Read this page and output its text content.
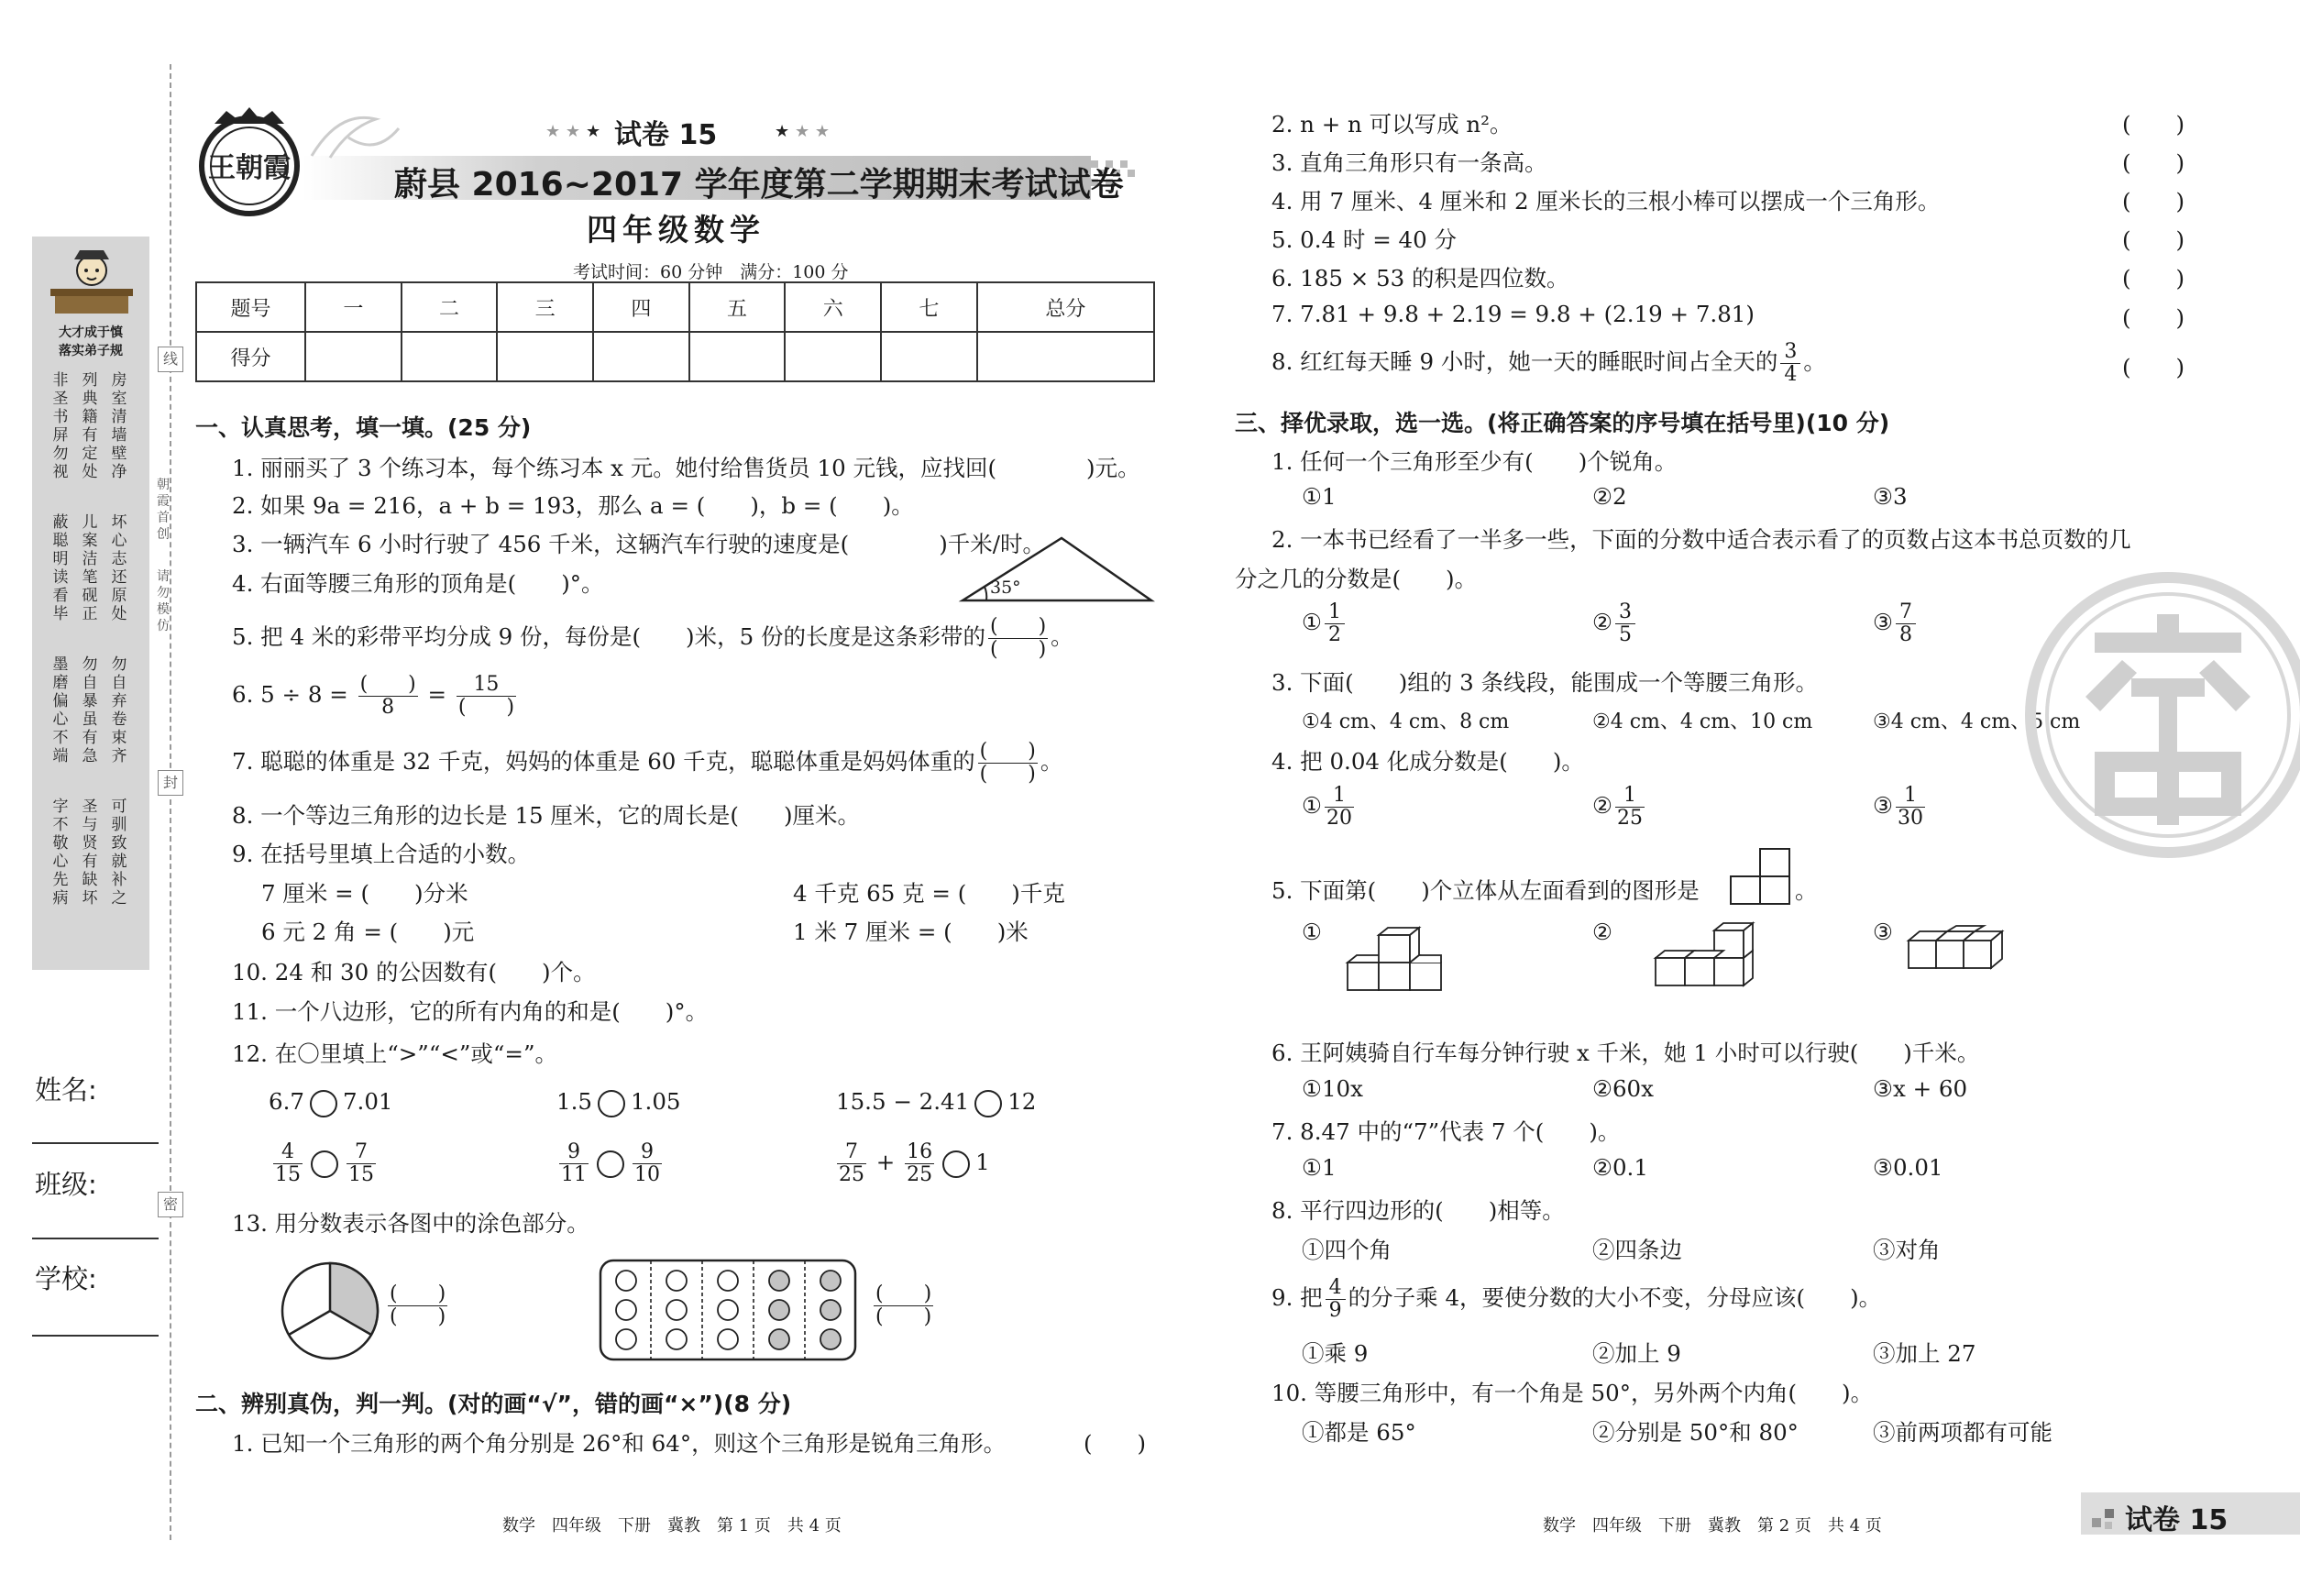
大才成于慎
落实弟子规
非圣书屏勿视
列典籍有定处
房室清墙壁净
蔽聪明读看毕
儿案洁笔砚正
坏心志还原处
墨磨偏心不端
勿自暴虽有急
勿自弃卷束齐
字不敬心先病
圣与贤有缺坏
可驯致就补之
线
封
密
朝霞首创
请勿模仿
姓名:
班级:
学校:
王朝霞
★ ★ ★	★ ★ ★
试卷 15
蔚县 2016~2017 学年度第二学期期末考试试卷
四年级数学
考试时间：60 分钟　满分：100 分
题号	一	二	三	四	五	六	七	总分
得分								
一、认真思考，填一填。(25 分)
1. 丽丽买了 3 个练习本，每个练习本 x 元。她付给售货员 10 元钱，应找回(　　　　)元。
2. 如果 9a = 216，a + b = 193，那么 a = (　　)，b = (　　)。
3. 一辆汽车 6 小时行驶了 456 千米，这辆汽车行驶的速度是(　　　　)千米/时。
35°
4. 右面等腰三角形的顶角是(　　)°。
5. 把 4 米的彩带平均分成 9 份，每份是(　　)米，5 份的长度是这条彩带的 $\frac{( )}{( )}$ 。
6. $5 \div 8 = \frac{( )}{8} = \frac{15}{( )}$
7. 聪聪的体重是 32 千克，妈妈的体重是 60 千克，聪聪体重是妈妈体重的 $\frac{( )}{( )}$ 。
8. 一个等边三角形的边长是 15 厘米，它的周长是(　　)厘米。
9. 在括号里填上合适的小数。
7 厘米 = (　　)分米	4 千克 65 克 = (　　)千克
6 元 2 角 = (　　)元	1 米 7 厘米 = (　　)米
10. 24 和 30 的公因数有(　　)个。
11. 一个八边形，它的所有内角的和是(　　)°。
12. 在〇里填上“>”“<”或“=”。
6.7 7.01	1.5 1.05	15.5 − 2.41 12
$\frac{4}{15} \frac{7}{15}$	$\frac{9}{11} \frac{9}{10}$	$\frac{7}{25} + \frac{16}{25} 1$
13. 用分数表示各图中的涂色部分。
$\frac{( )}{( )}$	$\frac{( )}{( )}$
二、辨别真伪，判一判。(对的画“√”，错的画“×”)(8 分)
1. 已知一个三角形的两个角分别是 26°和 64°，则这个三角形是锐角三角形。	(　　)
2. n + n 可以写成 n²。	(　　)
3. 直角三角形只有一条高。	(　　)
4. 用 7 厘米、4 厘米和 2 厘米长的三根小棒可以摆成一个三角形。	(　　)
5. 0.4 时 = 40 分	(　　)
6. 185 × 53 的积是四位数。	(　　)
7. 7.81 + 9.8 + 2.19 = 9.8 + (2.19 + 7.81)	(　　)
8. 红红每天睡 9 小时，她一天的睡眠时间占全天的 $\frac{3}{4}$ 。	(　　)
三、择优录取，选一选。(将正确答案的序号填在括号里)(10 分)
1. 任何一个三角形至少有(　　)个锐角。
①1	②2	③3
2. 一本书已经看了一半多一些，下面的分数中适合表示看了的页数占这本书总页数的几
分之几的分数是(　　)。
① $\frac{1}{2}$	② $\frac{3}{5}$	③ $\frac{7}{8}$
3. 下面(　　)组的 3 条线段，能围成一个等腰三角形。
①4 cm、4 cm、8 cm	②4 cm、4 cm、10 cm	③4 cm、4 cm、5 cm
4. 把 0.04 化成分数是(　　)。
① $\frac{1}{20}$	② $\frac{1}{25}$	③ $\frac{1}{30}$
5. 下面第(　　)个立体从左面看到的图形是	。
①	②	③
6. 王阿姨骑自行车每分钟行驶 x 千米，她 1 小时可以行驶(　　)千米。
①10x	②60x	③x + 60
7. 8.47 中的“7”代表 7 个(　　)。
①1	②0.1	③0.01
8. 平行四边形的(　　)相等。
①四个角	②四条边	③对角
9. 把 $\frac{4}{9}$ 的分子乘 4，要使分数的大小不变，分母应该(　　)。
①乘 9	②加上 9	③加上 27
10. 等腰三角形中，有一个角是 50°，另外两个内角(　　)。
①都是 65°	②分别是 50°和 80°	③前两项都有可能
数学　四年级　下册　冀教　第 1 页　共 4 页	数学　四年级　下册　冀教　第 2 页　共 4 页	试卷 15
